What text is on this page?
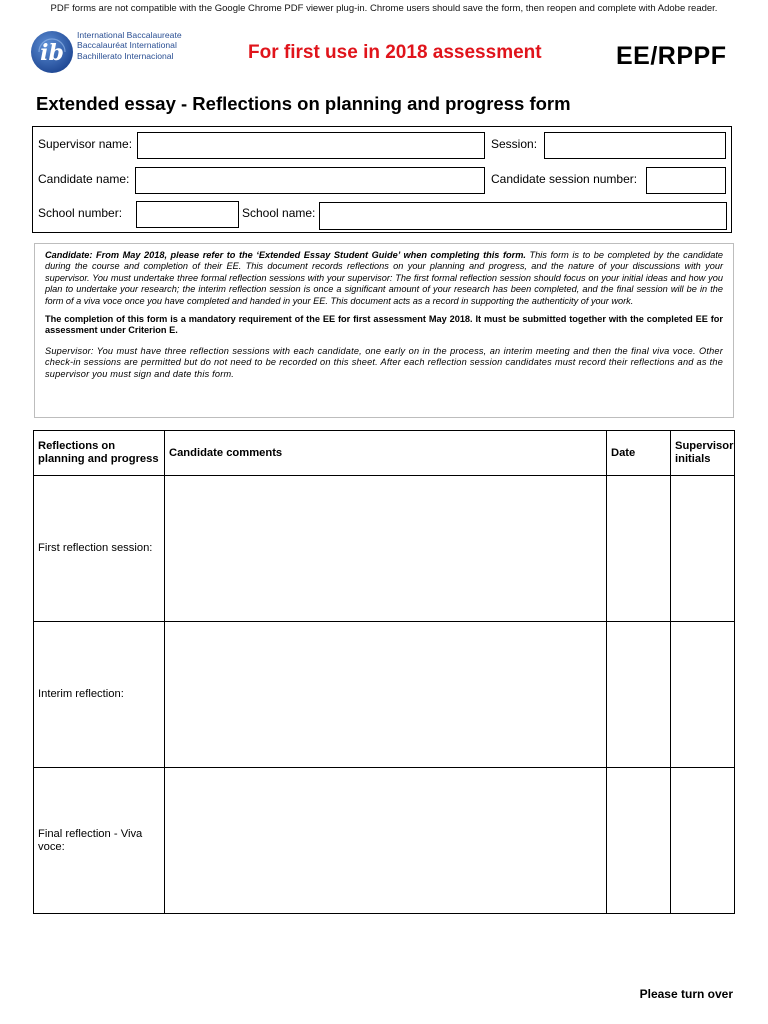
PDF forms are not compatible with the Google Chrome PDF viewer plug-in. Chrome users should save the form, then reopen and complete with Adobe reader.
ib
International Baccalaureate
Baccalauréat International
Bachillerato Internacional	For first use in 2018 assessment	EE/RPPF
Extended essay - Reflections on planning and progress form
Supervisor name:	Session:
Candidate name:	Candidate session number:
School number:	School name:

Candidate: From May 2018, please refer to the ‘Extended Essay Student Guide’ when completing this form. This form is to be completed by the candidate during the course and completion of their EE. This document records reflections on your planning and progress, and the nature of your discussions with your supervisor. You must undertake three formal reflection sessions with your supervisor: The first formal reflection session should focus on your initial ideas and how you plan to undertake your research; the interim reflection session is once a significant amount of your research has been completed, and the final session will be in the form of a viva voce once you have completed and handed in your EE. This document acts as a record in supporting the authenticity of your work.

The completion of this form is a mandatory requirement of the EE for first assessment May 2018. It must be submitted together with the completed EE for assessment under Criterion E.

Supervisor: You must have three reflection sessions with each candidate, one early on in the process, an interim meeting and then the final viva voce. Other check-in sessions are permitted but do not need to be recorded on this sheet. After each reflection session candidates must record their reflections and as the supervisor you must sign and date this form.

Reflections on planning and progress	Candidate comments	Date	Supervisor initials
First reflection session:			
Interim reflection:			
Final reflection - Viva voce:			
Please turn over
